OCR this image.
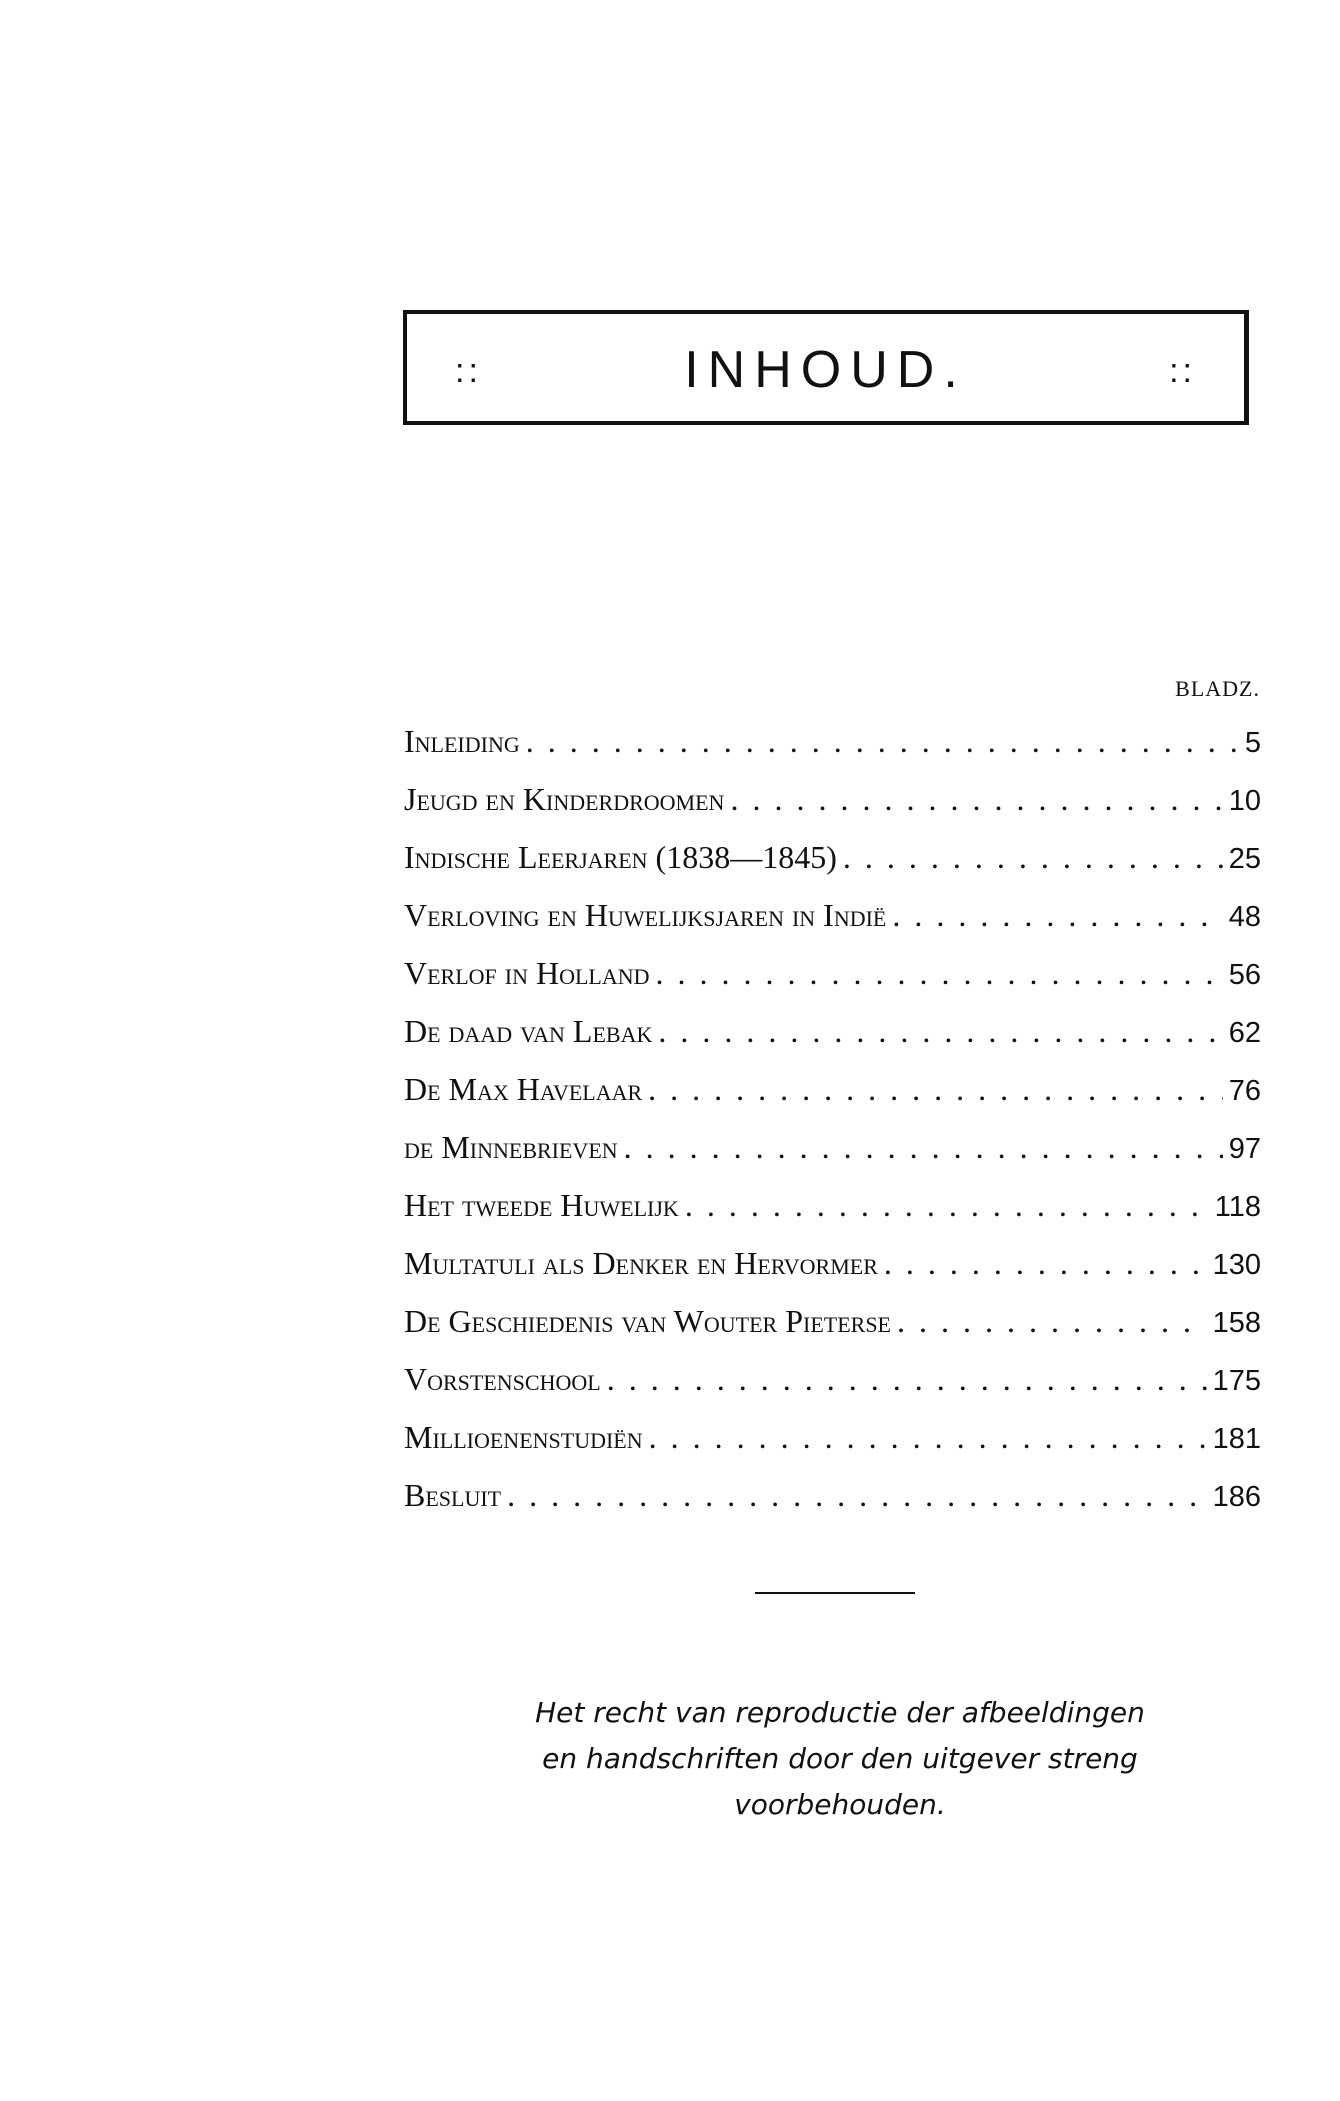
::	INHOUD.	::
BLADZ.
Inleiding . . .	5
Jeugd en Kinderdroomen . . .	10
Indische Leerjaren (1838—1845) . . .	25
Verloving en Huwelijksjaren in Indië . . .	48
Verlof in Holland . . .	56
De daad van Lebak . . .	62
De Max Havelaar . . .	76
de Minnebrieven . . .	97
Het tweede Huwelijk . . .	118
Multatuli als Denker en Hervormer . . .	130
De Geschiedenis van Wouter Pieterse . . .	158
Vorstenschool . . .	175
Millioenenstudiën . . .	181
Besluit . . .	186

Het recht van reproductie der afbeeldingen
en handschriften door den uitgever streng
voorbehouden.
